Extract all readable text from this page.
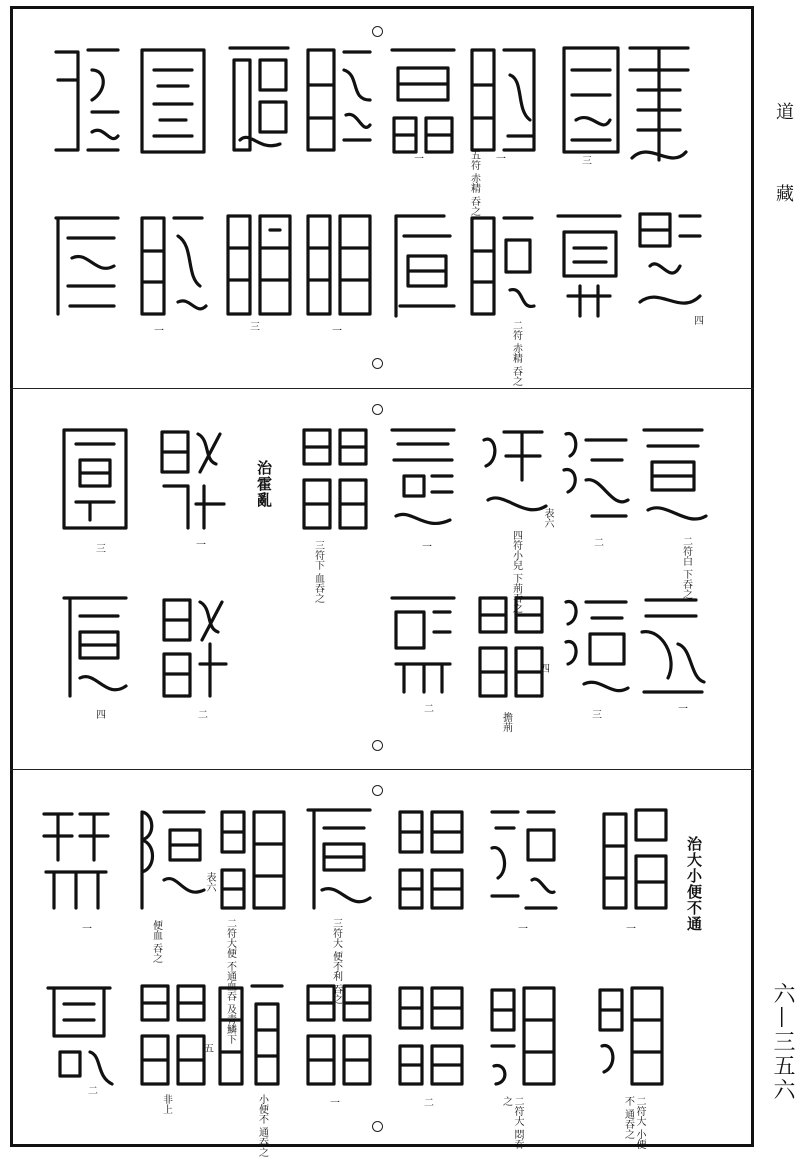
道
藏
六—三五六
三
五符 赤精 吞之 一
一
四
二符 赤精 吞之
一
三
一
二符白 下吞之
二
四符小兒 下荊吞之
表六
一
三符下 血吞之
治霍亂
一
三
一
三
擔荊
四
二
二
四
治大小便不通
一
一
三符大 便不利 吞之
二符大便 不通血吞 及青鱗下
表六
便血 吞之
一
二符大 小便不 通吞之
二符大 悶吞之
二
一
小便不 通吞之
五
非上
二
